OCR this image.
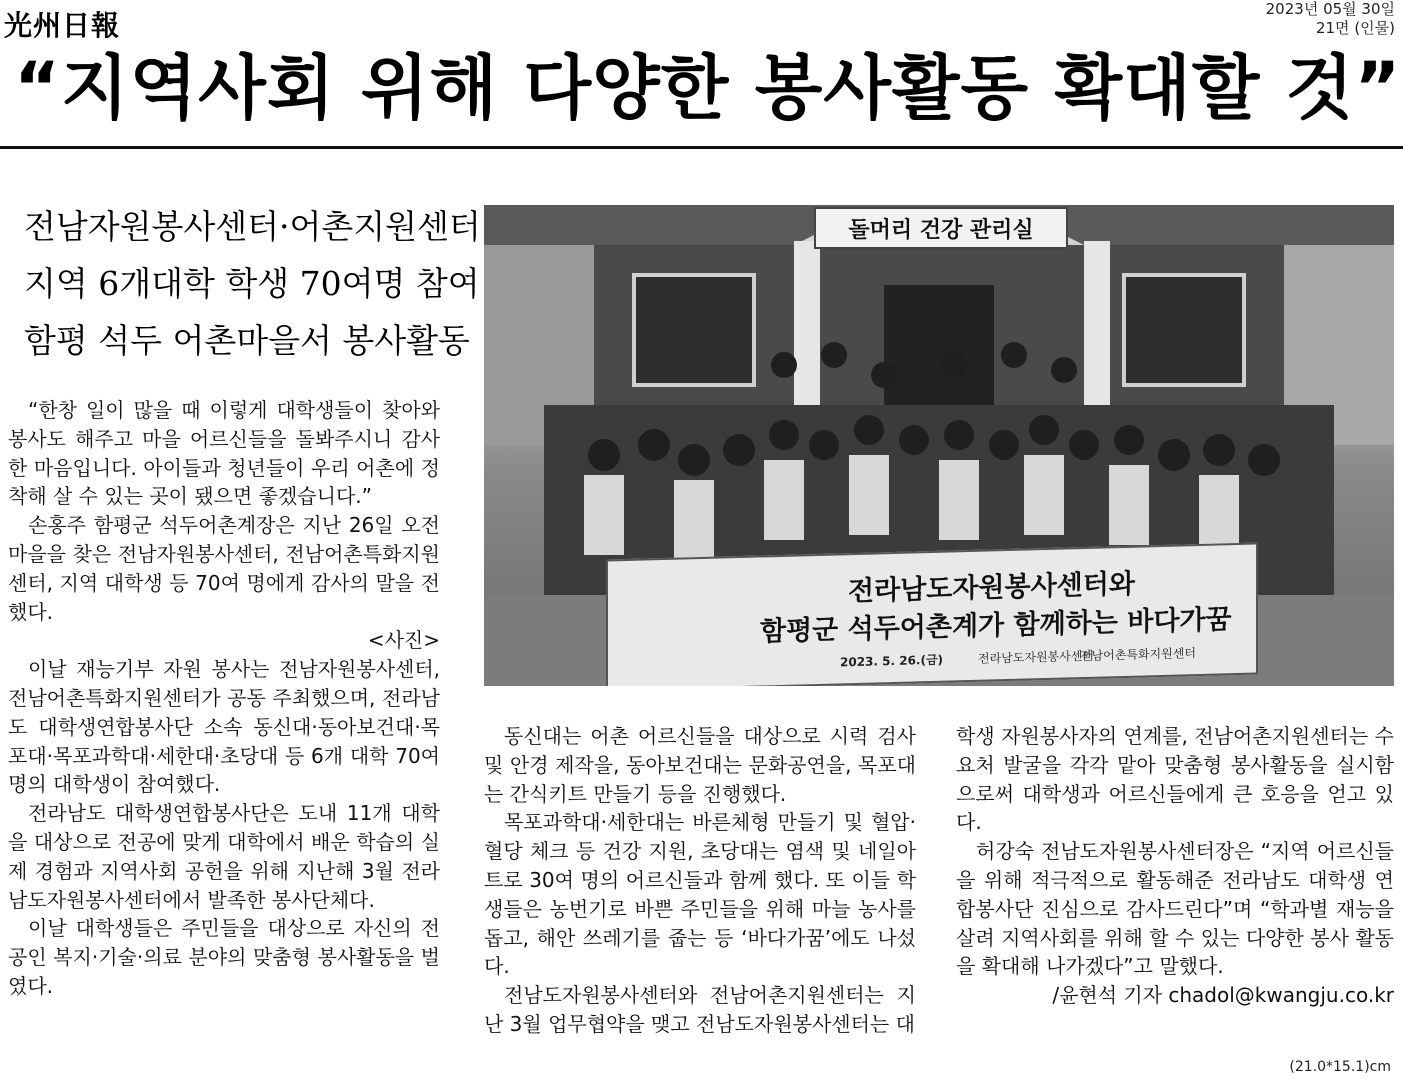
光州日報	2023년 05월 30일
21면 (인물)
“지역사회 위해 다양한 봉사활동 확대할 것”
전남자원봉사센터·어촌지원센터
지역 6개대학 학생 70여명 참여
함평 석두 어촌마을서 봉사활동
돌머리 건강 관리실
전라남도자원봉사센터와
함평군 석두어촌계가 함께하는 바다가꿈
2023. 5. 26.(금)	전라남도자원봉사센터
전남어촌특화지원센터

“한창 일이 많을 때 이렇게 대학생들이 찾아와 봉사도 해주고 마을 어르신들을 돌봐주시니 감사한 마음입니다. 아이들과 청년들이 우리 어촌에 정착해 살 수 있는 곳이 됐으면 좋겠습니다.”

손홍주 함평군 석두어촌계장은 지난 26일 오전 마을을 찾은 전남자원봉사센터, 전남어촌특화지원센터, 지역 대학생 등 70여 명에게 감사의 말을 전했다.

<사진>

이날 재능기부 자원 봉사는 전남자원봉사센터, 전남어촌특화지원센터가 공동 주최했으며, 전라남도 대학생연합봉사단 소속 동신대·동아보건대·목포대·목포과학대·세한대·초당대 등 6개 대학 70여 명의 대학생이 참여했다.

전라남도 대학생연합봉사단은 도내 11개 대학을 대상으로 전공에 맞게 대학에서 배운 학습의 실제 경험과 지역사회 공헌을 위해 지난해 3월 전라남도자원봉사센터에서 발족한 봉사단체다.

이날 대학생들은 주민들을 대상으로 자신의 전공인 복지·기술·의료 분야의 맞춤형 봉사활동을 벌였다.

동신대는 어촌 어르신들을 대상으로 시력 검사 및 안경 제작을, 동아보건대는 문화공연을, 목포대는 간식키트 만들기 등을 진행했다.

목포과학대·세한대는 바른체형 만들기 및 혈압·혈당 체크 등 건강 지원, 초당대는 염색 및 네일아트로 30여 명의 어르신들과 함께 했다. 또 이들 학생들은 농번기로 바쁜 주민들을 위해 마늘 농사를 돕고, 해안 쓰레기를 줍는 등 ‘바다가꿈’에도 나섰다.

전남도자원봉사센터와 전남어촌지원센터는 지난 3월 업무협약을 맺고 전남도자원봉사센터는 대

학생 자원봉사자의 연계를, 전남어촌지원센터는 수요처 발굴을 각각 맡아 맞춤형 봉사활동을 실시함으로써 대학생과 어르신들에게 큰 호응을 얻고 있다.

허강숙 전남도자원봉사센터장은 “지역 어르신들을 위해 적극적으로 활동해준 전라남도 대학생 연합봉사단 진심으로 감사드린다”며 “학과별 재능을 살려 지역사회를 위해 할 수 있는 다양한 봉사 활동을 확대해 나가겠다”고 말했다.

/윤현석 기자 chadol@kwangju.co.kr

(21.0*15.1)cm
